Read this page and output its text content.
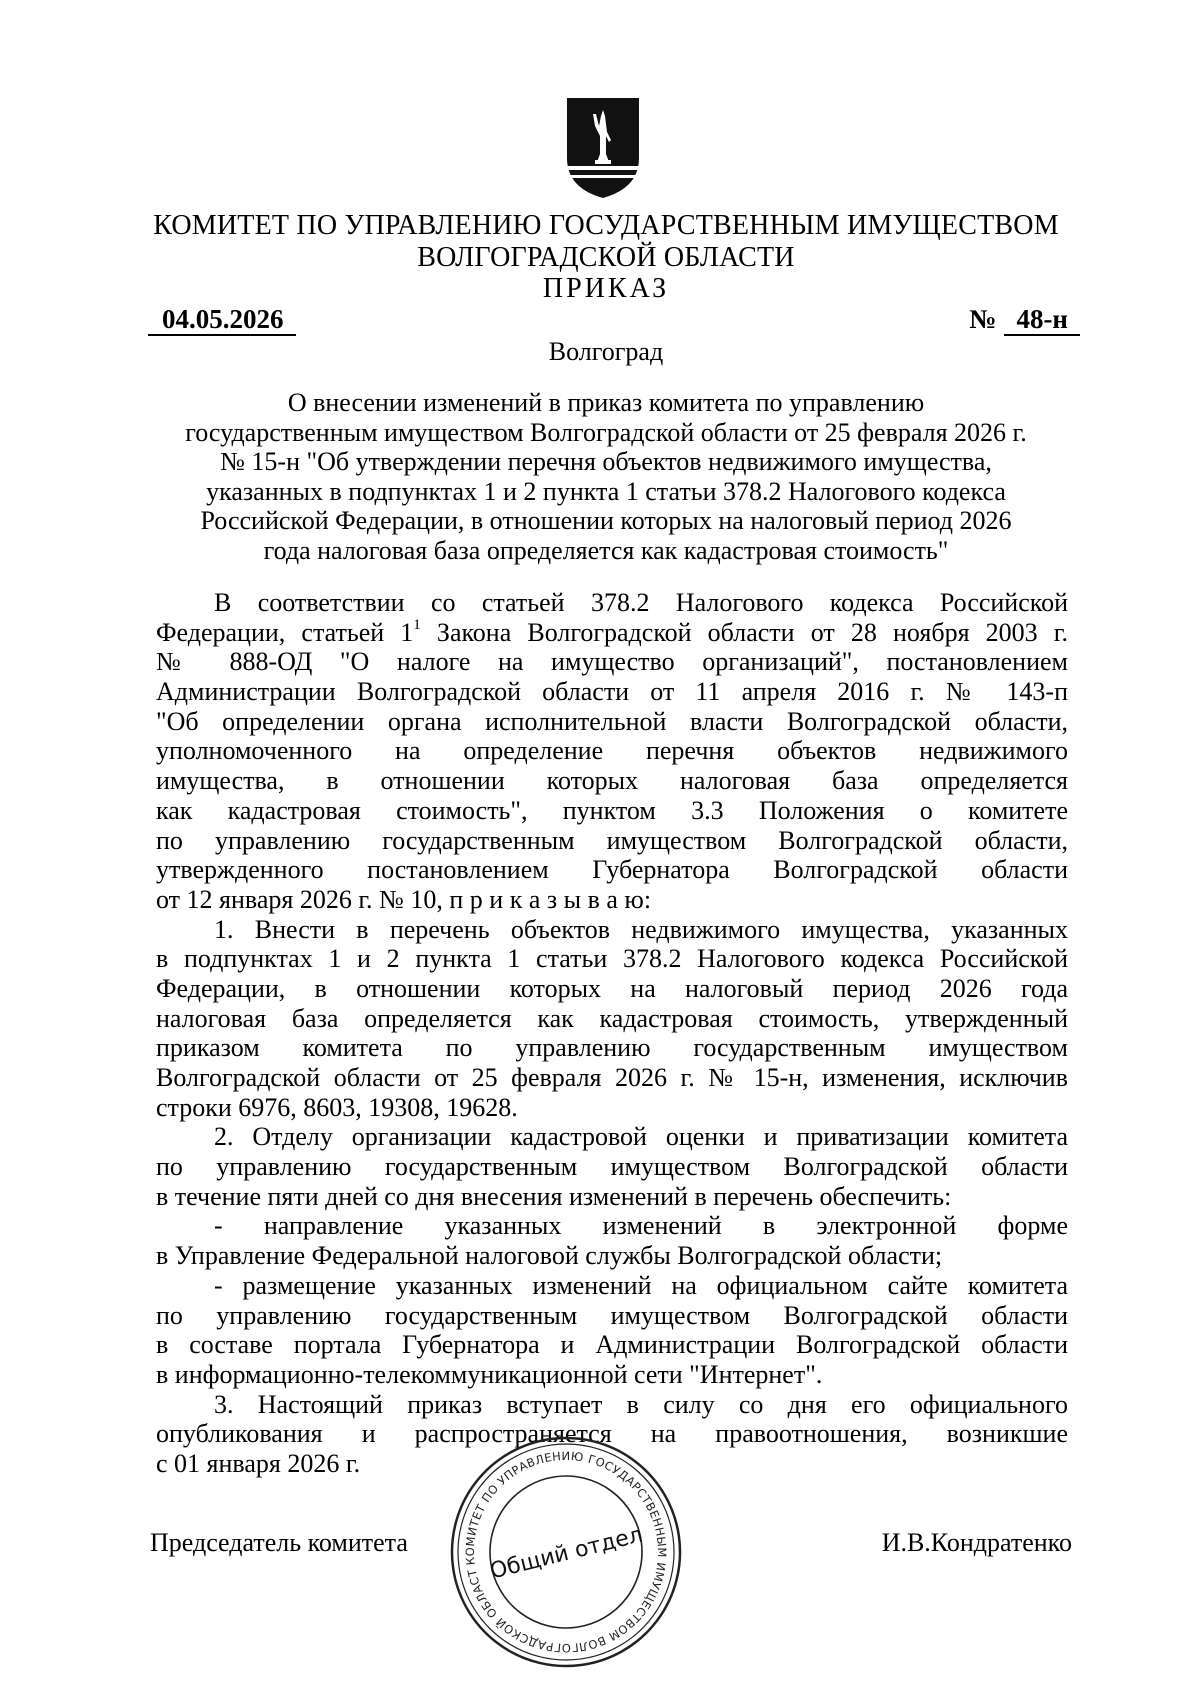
КОМИТЕТ ПО УПРАВЛЕНИЮ ГОСУДАРСТВЕННЫМ ИМУЩЕСТВОМ
ВОЛГОГРАДСКОЙ ОБЛАСТИ
ПРИКАЗ
04.05.2026	№ 48-н
Волгоград
О внесении изменений в приказ комитета по управлению
государственным имуществом Волгоградской области от 25 февраля 2026 г.
№ 15-н "Об утверждении перечня объектов недвижимого имущества,
указанных в подпунктах 1 и 2 пункта 1 статьи 378.2 Налогового кодекса
Российской Федерации, в отношении которых на налоговый период 2026
года налоговая база определяется как кадастровая стоимость"
В соответствии со статьей 378.2 Налогового кодекса Российской
Федерации, статьей $1^1$ Закона Волгоградской области от 28 ноября 2003 г.
№ 888-ОД "О налоге на имущество организаций", постановлением
Администрации Волгоградской области от 11 апреля 2016 г. № 143-п
"Об определении органа исполнительной власти Волгоградской области,
уполномоченного на определение перечня объектов недвижимого
имущества, в отношении которых налоговая база определяется
как кадастровая стоимость", пунктом 3.3 Положения о комитете
по управлению государственным имуществом Волгоградской области,
утвержденного постановлением Губернатора Волгоградской области
от 12 января 2026 г. № 10, п р и к а з ы в а ю:
1. Внести в перечень объектов недвижимого имущества, указанных
в подпунктах 1 и 2 пункта 1 статьи 378.2 Налогового кодекса Российской
Федерации, в отношении которых на налоговый период 2026 года
налоговая база определяется как кадастровая стоимость, утвержденный
приказом комитета по управлению государственным имуществом
Волгоградской области от 25 февраля 2026 г. № 15-н, изменения, исключив
строки 6976, 8603, 19308, 19628.
2. Отделу организации кадастровой оценки и приватизации комитета
по управлению государственным имуществом Волгоградской области
в течение пяти дней со дня внесения изменений в перечень обеспечить:
- направление указанных изменений в электронной форме
в Управление Федеральной налоговой службы Волгоградской области;
- размещение указанных изменений на официальном сайте комитета
по управлению государственным имуществом Волгоградской области
в составе портала Губернатора и Администрации Волгоградской области
в информационно-телекоммуникационной сети "Интернет".
3. Настоящий приказ вступает в силу со дня его официального
опубликования и распространяется на правоотношения, возникшие
с 01 января 2026 г.
Председатель комитета	И.В.Кондратенко
КОМИТЕТ ПО УПРАВЛЕНИЮ ГОСУДАРСТВЕННЫМ ИМУЩЕСТВОМ ВОЛГОГРАДСКОЙ ОБЛАСТИ
Общий отдел
